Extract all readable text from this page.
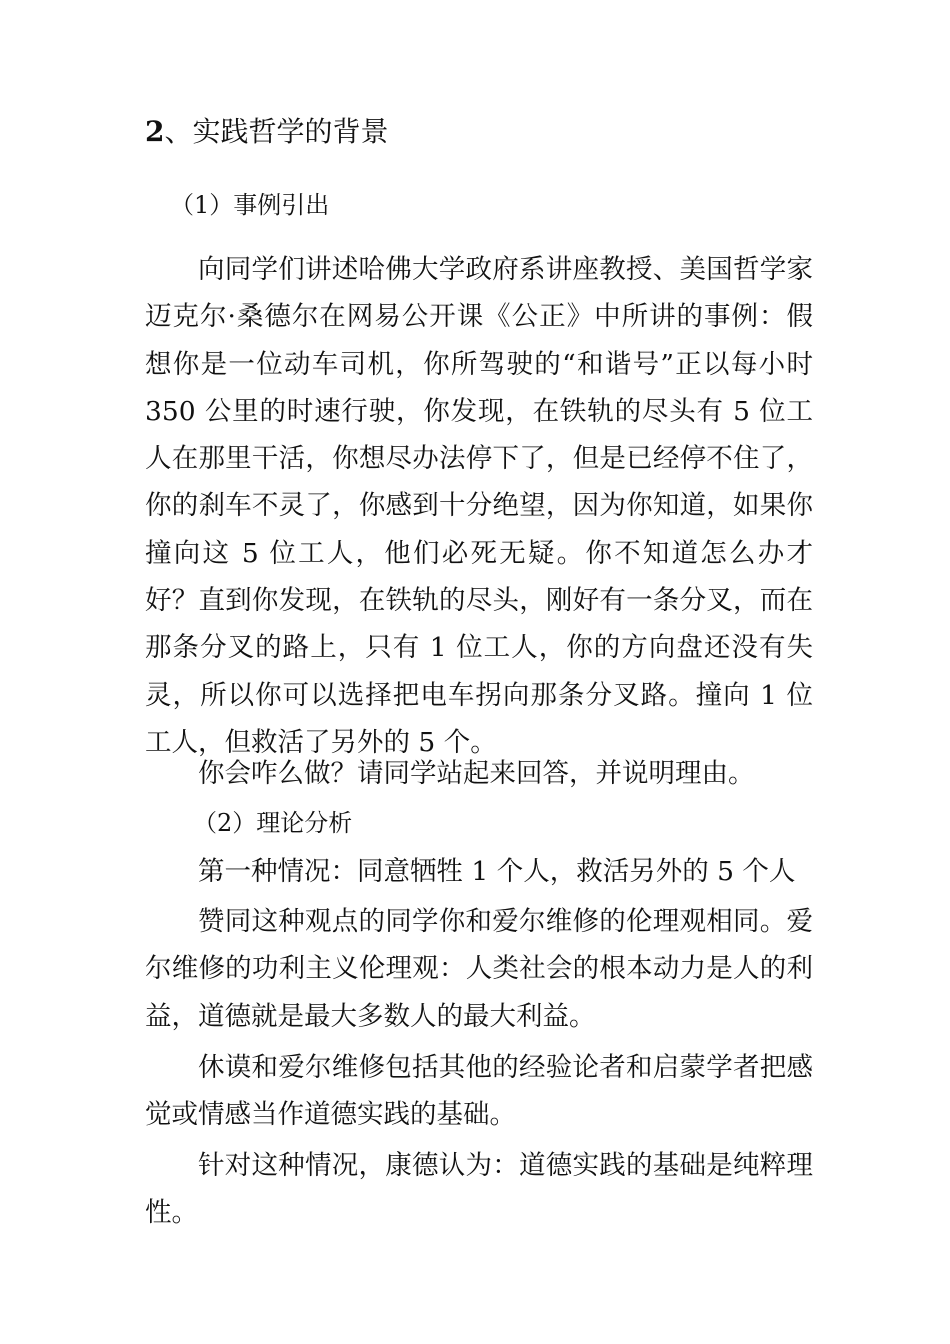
2、实践哲学的背景
（1）事例引出

向同学们讲述哈佛大学政府系讲座教授、美国哲学家迈克尔·桑德尔在网易公开课《公正》中所讲的事例：假想你是一位动车司机，你所驾驶的“和谐号”正以每小时350 公里的时速行驶，你发现，在铁轨的尽头有 5 位工人在那里干活，你想尽办法停下了，但是已经停不住了，你的刹车不灵了，你感到十分绝望，因为你知道，如果你撞向这 5 位工人，他们必死无疑。你不知道怎么办才好？直到你发现，在铁轨的尽头，刚好有一条分叉，而在那条分叉的路上，只有 1 位工人，你的方向盘还没有失灵，所以你可以选择把电车拐向那条分叉路。撞向 1 位工人，但救活了另外的 5 个。

你会咋么做？请同学站起来回答，并说明理由。

（2）理论分析

第一种情况：同意牺牲 1 个人，救活另外的 5 个人

赞同这种观点的同学你和爱尔维修的伦理观相同。爱尔维修的功利主义伦理观：人类社会的根本动力是人的利益，道德就是最大多数人的最大利益。

休谟和爱尔维修包括其他的经验论者和启蒙学者把感觉或情感当作道德实践的基础。

针对这种情况，康德认为：道德实践的基础是纯粹理性。
